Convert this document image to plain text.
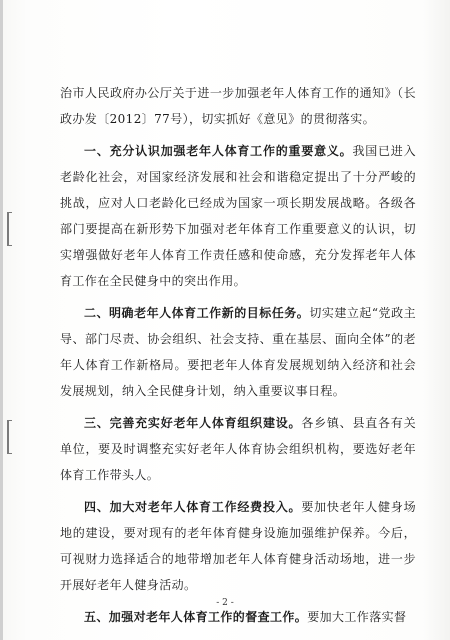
治市人民政府办公厅关于进一步加强老年人体育工作的通知》（长政办发〔2012〕77号），切实抓好《意见》的贯彻落实。

一、充分认识加强老年人体育工作的重要意义。我国已进入老龄化社会，对国家经济发展和社会和谐稳定提出了十分严峻的挑战，应对人口老龄化已经成为国家一项长期发展战略。各级各部门要提高在新形势下加强对老年体育工作重要意义的认识，切实增强做好老年人体育工作责任感和使命感，充分发挥老年人体育工作在全民健身中的突出作用。

二、明确老年人体育工作新的目标任务。切实建立起“党政主导、部门尽责、协会组织、社会支持、重在基层、面向全体”的老年人体育工作新格局。要把老年人体育发展规划纳入经济和社会发展规划，纳入全民健身计划，纳入重要议事日程。

三、完善充实好老年人体育组织建设。各乡镇、县直各有关单位，要及时调整充实好老年人体育协会组织机构，要选好老年体育工作带头人。

四、加大对老年人体育工作经费投入。要加快老年人健身场地的建设，要对现有的老年体育健身设施加强维护保养。今后，可视财力选择适合的地带增加老年人体育健身活动场地，进一步开展好老年人健身活动。

五、加强对老年人体育工作的督查工作。要加大工作落实督

- 2 -
